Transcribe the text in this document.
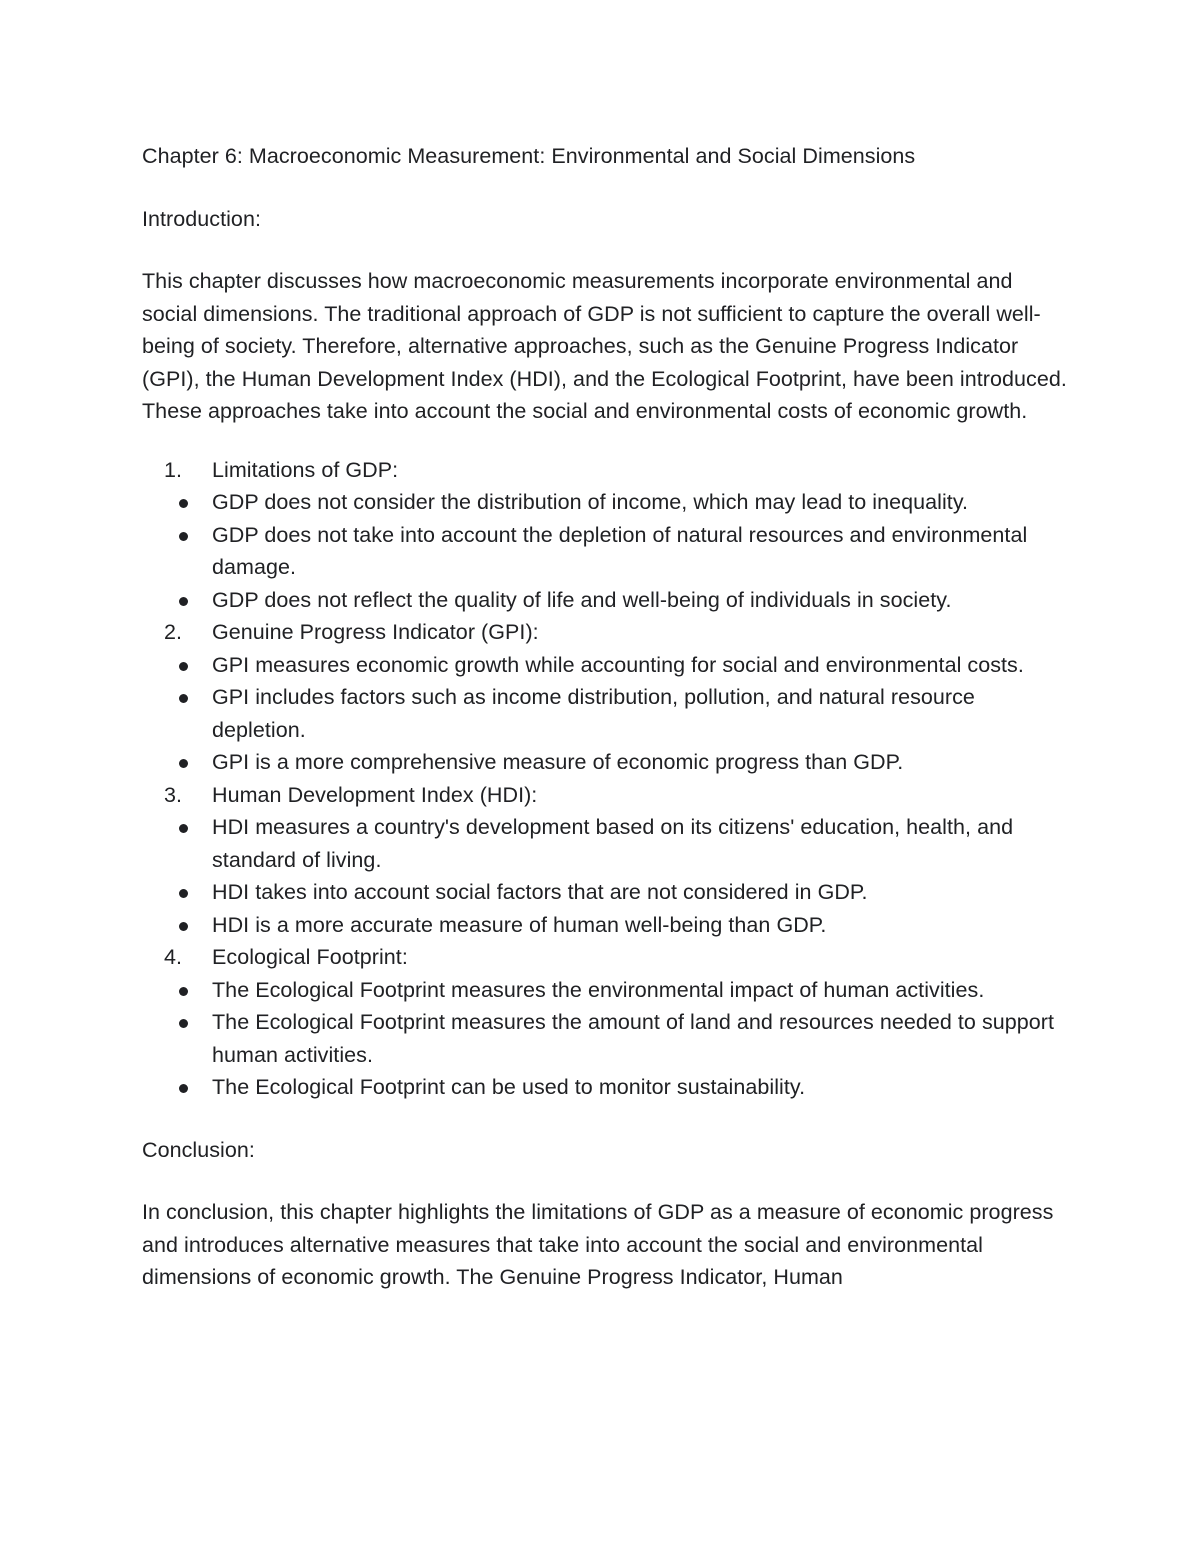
Chapter 6: Macroeconomic Measurement: Environmental and Social Dimensions

Introduction:

This chapter discusses how macroeconomic measurements incorporate environmental and social dimensions. The traditional approach of GDP is not sufficient to capture the overall well-being of society. Therefore, alternative approaches, such as the Genuine Progress Indicator (GPI), the Human Development Index (HDI), and the Ecological Footprint, have been introduced. These approaches take into account the social and environmental costs of economic growth.

1.	Limitations of GDP:
GDP does not consider the distribution of income, which may lead to inequality.
GDP does not take into account the depletion of natural resources and environmental damage.
GDP does not reflect the quality of life and well-being of individuals in society.
2.	Genuine Progress Indicator (GPI):
GPI measures economic growth while accounting for social and environmental costs.
GPI includes factors such as income distribution, pollution, and natural resource depletion.
GPI is a more comprehensive measure of economic progress than GDP.
3.	Human Development Index (HDI):
HDI measures a country's development based on its citizens' education, health, and standard of living.
HDI takes into account social factors that are not considered in GDP.
HDI is a more accurate measure of human well-being than GDP.
4.	Ecological Footprint:
The Ecological Footprint measures the environmental impact of human activities.
The Ecological Footprint measures the amount of land and resources needed to support human activities.
The Ecological Footprint can be used to monitor sustainability.

Conclusion:

In conclusion, this chapter highlights the limitations of GDP as a measure of economic progress and introduces alternative measures that take into account the social and environmental dimensions of economic growth. The Genuine Progress Indicator, Human
